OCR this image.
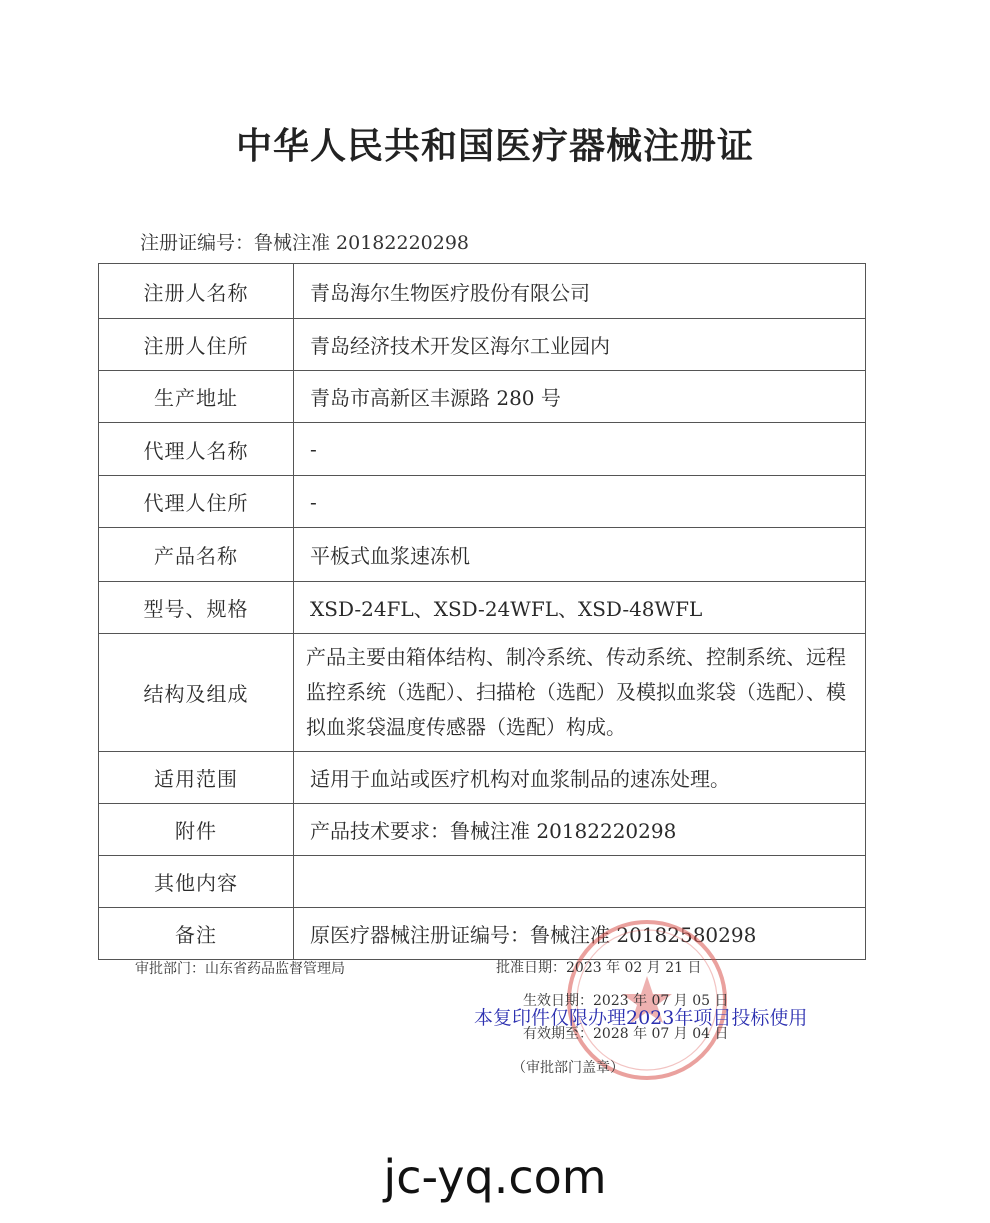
中华人民共和国医疗器械注册证
注册证编号：鲁械注准 20182220298
注册人名称	青岛海尔生物医疗股份有限公司
注册人住所	青岛经济技术开发区海尔工业园内
生产地址	青岛市高新区丰源路 280 号
代理人名称	-
代理人住所	-
产品名称	平板式血浆速冻机
型号、规格	XSD-24FL、XSD-24WFL、XSD-48WFL
结构及组成	产品主要由箱体结构、制冷系统、传动系统、控制系统、远程监控系统（选配）、扫描枪（选配）及模拟血浆袋（选配）、模拟血浆袋温度传感器（选配）构成。
适用范围	适用于血站或医疗机构对血浆制品的速冻处理。
附件	产品技术要求：鲁械注准 20182220298
其他内容	
备注	原医疗器械注册证编号：鲁械注准 20182580298
审批部门：山东省药品监督管理局	批准日期：2023 年 02 月 21 日
生效日期：2023 年 07 月 05 日
有效期至：2028 年 07 月 04 日
（审批部门盖章）
本复印件仅限办理2023年项目投标使用
jc-yq.com
